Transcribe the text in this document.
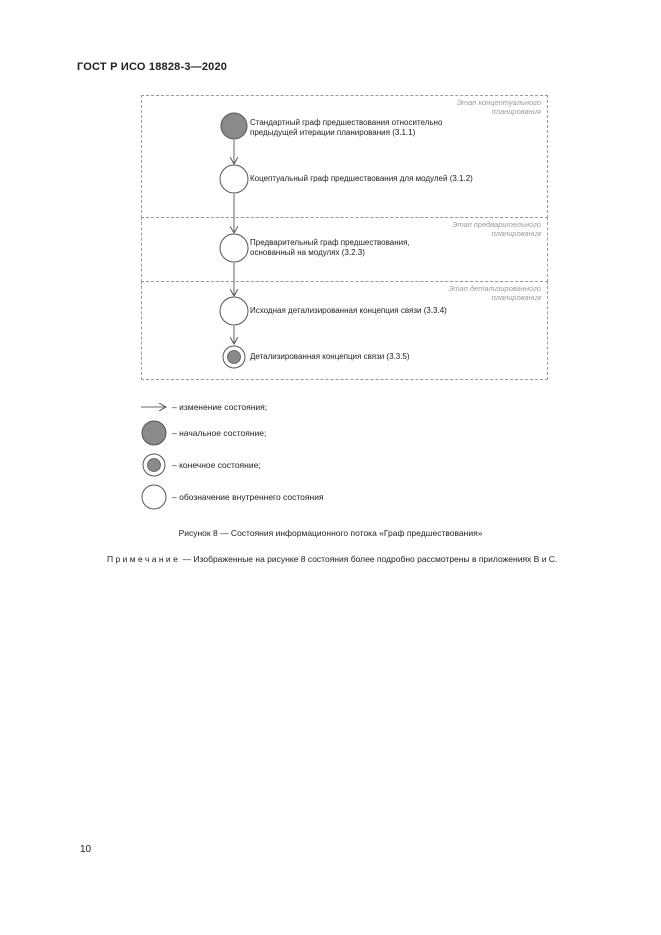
ГОСТ Р ИСО 18828-3—2020
Этап концептуального планирования
Этап предварительного планирования
Этап детализированного планирования
Стандартный граф предшествования относительно
предыдущей итерации планирования (3.1.1)
Коцептуальный граф предшествования для модулей (3.1.2)
Предварительный граф предшествования,
основанный на модулях (3.2.3)
Исходная детализированная концепция связи (3.3.4)
Детализированная концепция связи (3.3.5)
– изменение состояния;
– начальное состояние;
– конечное состояние;
– обозначение внутреннего состояния
Рисунок 8 — Состояния информационного потока «Граф предшествования»
Примечание — Изображенные на рисунке 8 состояния более подробно рассмотрены в приложениях В и С.
10
